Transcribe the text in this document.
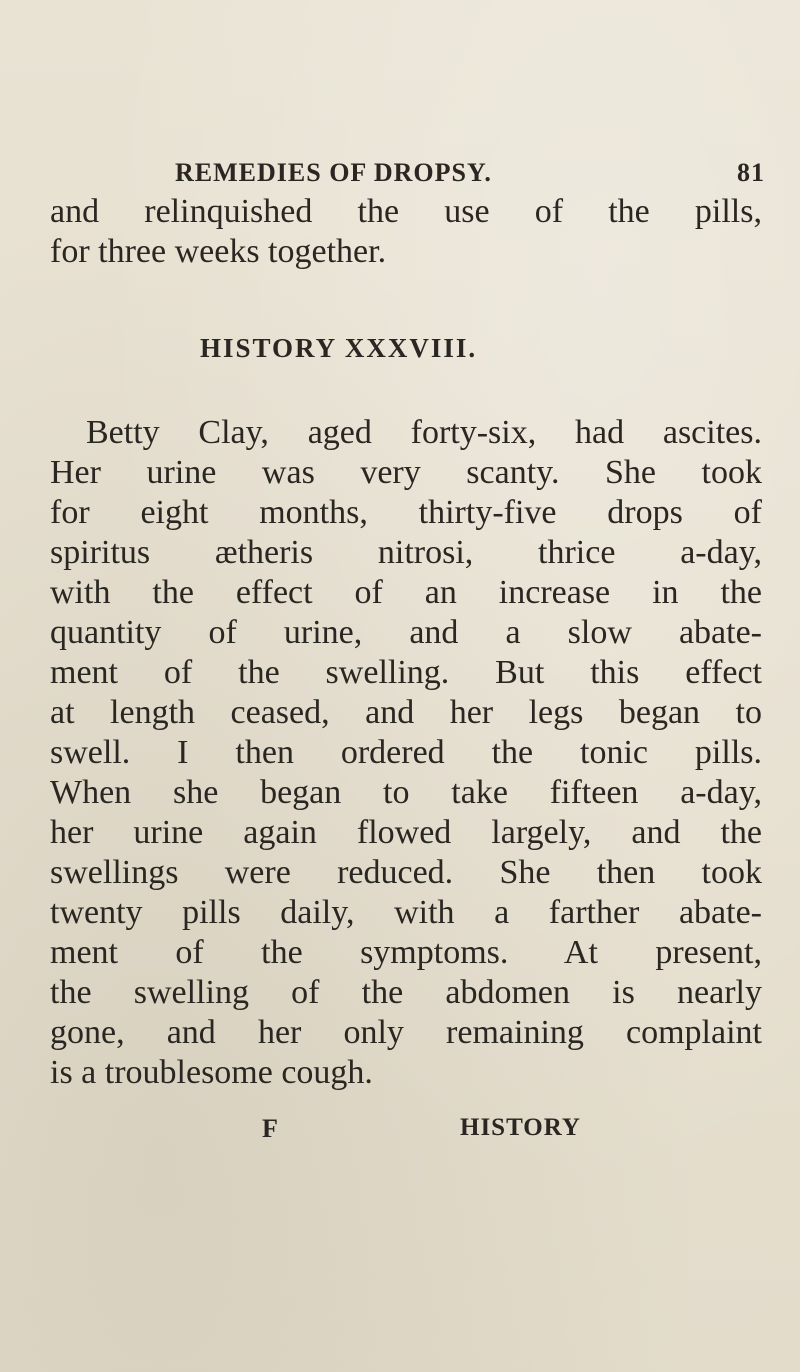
REMEDIES OF DROPSY.	81
and relinquished the use of the pills,
for three weeks together.
HISTORY XXXVIII.
Betty Clay, aged forty-six, had ascites.
Her urine was very scanty. She took
for eight months, thirty-five drops of
spiritus ætheris nitrosi, thrice a-day,
with the effect of an increase in the
quantity of urine, and a slow abate-
ment of the swelling. But this effect
at length ceased, and her legs began to
swell. I then ordered the tonic pills.
When she began to take fifteen a-day,
her urine again flowed largely, and the
swellings were reduced. She then took
twenty pills daily, with a farther abate-
ment of the symptoms. At present,
the swelling of the abdomen is nearly
gone, and her only remaining complaint
is a troublesome cough.
F	HISTORY
